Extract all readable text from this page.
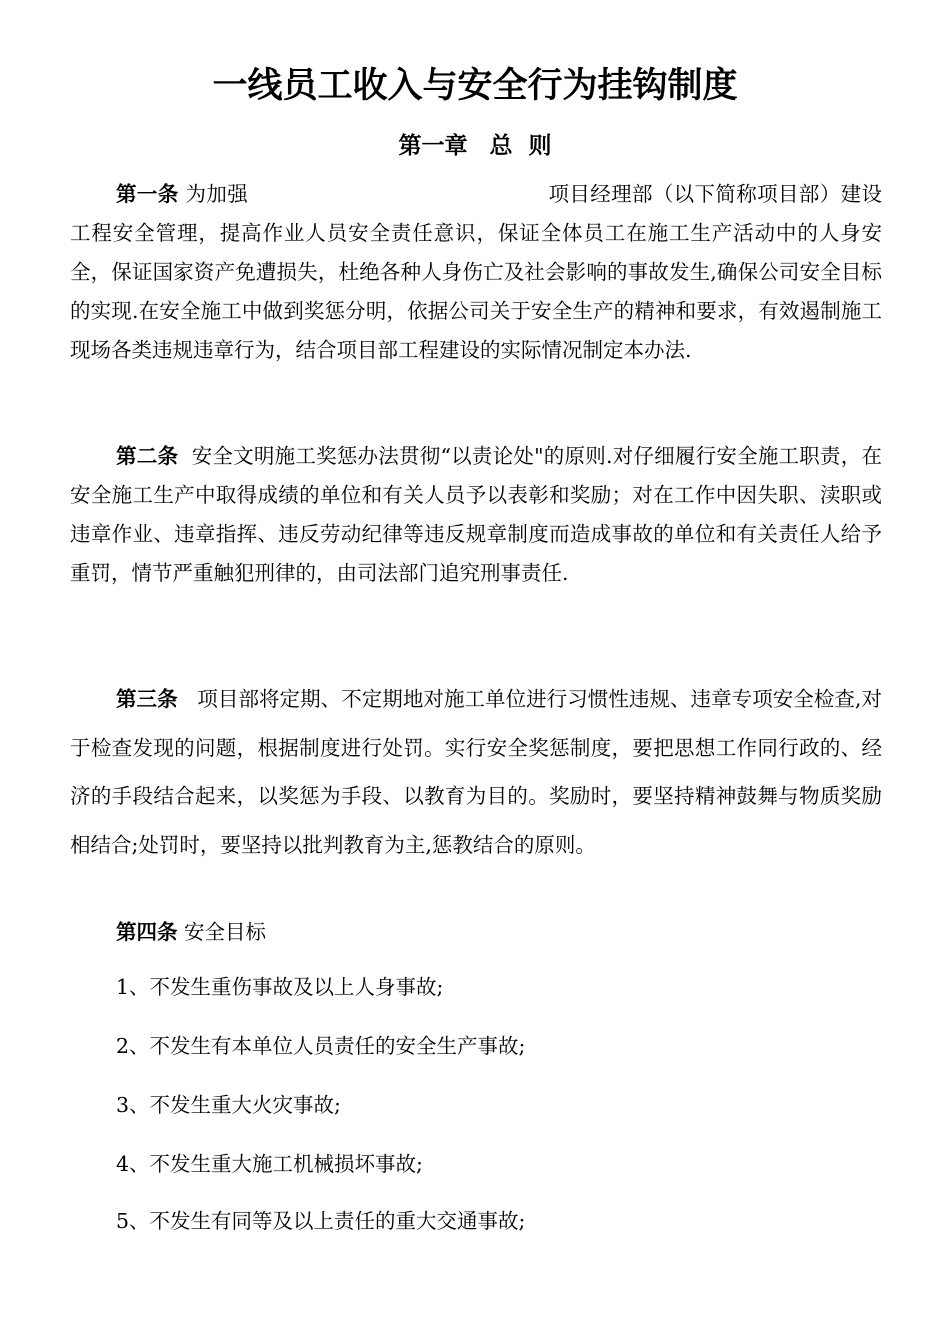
一线员工收入与安全行为挂钩制度
第一章 总  则

第一条 为加强	项目经理部（以下简称项目部）建设工程安全管理，提高作业人员安全责任意识，保证全体员工在施工生产活动中的人身安全，保证国家资产免遭损失，杜绝各种人身伤亡及社会影响的事故发生,确保公司安全目标的实现.在安全施工中做到奖惩分明，依据公司关于安全生产的精神和要求，有效遏制施工现场各类违规违章行为，结合项目部工程建设的实际情况制定本办法.

第二条 安全文明施工奖惩办法贯彻“以责论处"的原则.对仔细履行安全施工职责，在安全施工生产中取得成绩的单位和有关人员予以表彰和奖励；对在工作中因失职、渎职或违章作业、违章指挥、违反劳动纪律等违反规章制度而造成事故的单位和有关责任人给予重罚，情节严重触犯刑律的，由司法部门追究刑事责任.

第三条 项目部将定期、不定期地对施工单位进行习惯性违规、违章专项安全检查,对于检查发现的问题，根据制度进行处罚。实行安全奖惩制度，要把思想工作同行政的、经济的手段结合起来，以奖惩为手段、以教育为目的。奖励时，要坚持精神鼓舞与物质奖励相结合;处罚时，要坚持以批判教育为主,惩教结合的原则。

第四条 安全目标

1、不发生重伤事故及以上人身事故;

2、不发生有本单位人员责任的安全生产事故;

3、不发生重大火灾事故;

4、不发生重大施工机械损坏事故;

5、不发生有同等及以上责任的重大交通事故;
